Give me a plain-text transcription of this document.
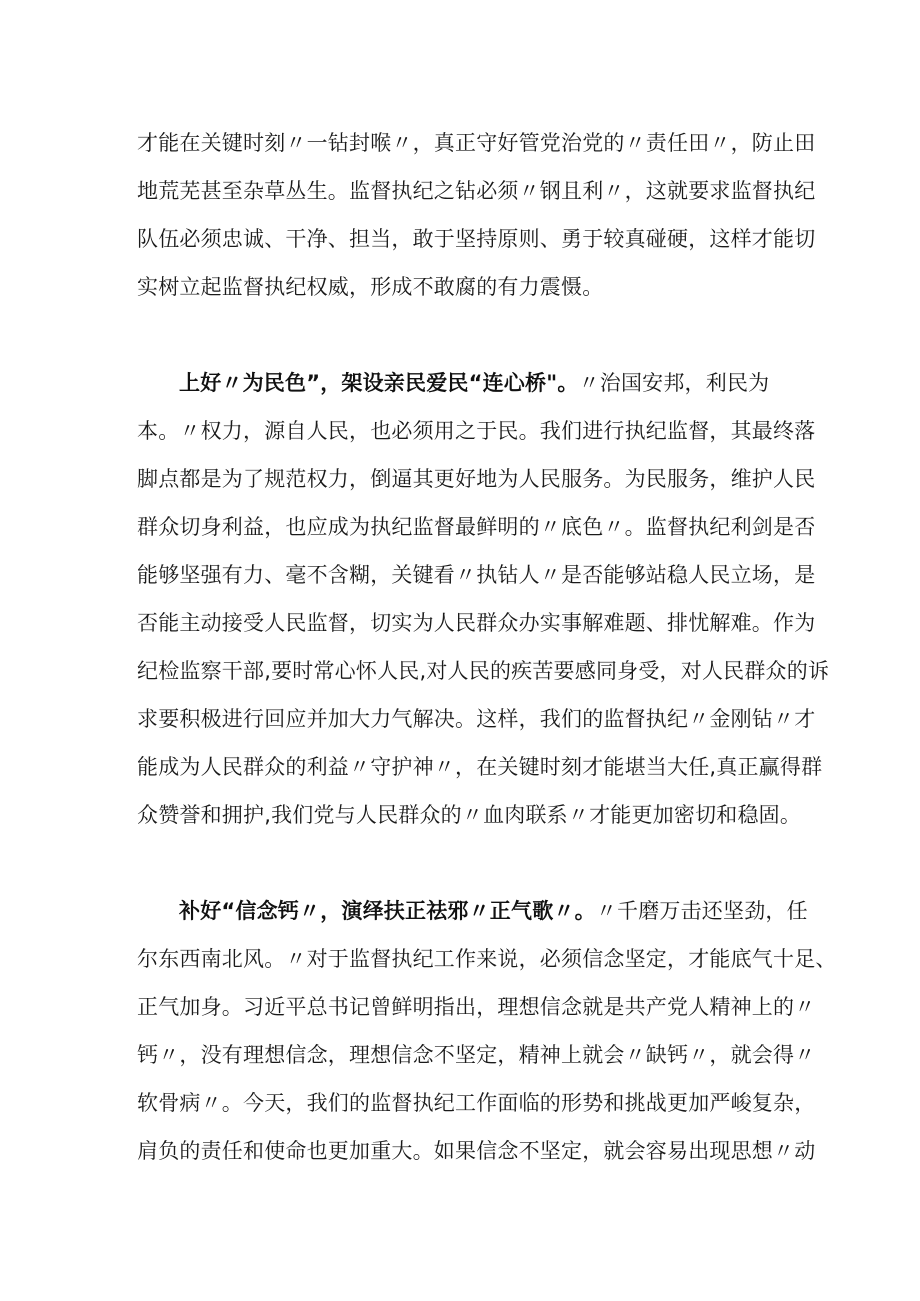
才能在关键时刻〃一钻封喉〃，真正守好管党治党的〃责任田〃，防止田
地荒芜甚至杂草丛生。监督执纪之钻必须〃钢且利〃，这就要求监督执纪
队伍必须忠诚、干净、担当，敢于坚持原则、勇于较真碰硬，这样才能切
实树立起监督执纪权威，形成不敢腐的有力震慑。
上好〃为民色”，架设亲民爱民“连心桥"。〃治国安邦，利民为
本。〃权力，源自人民，也必须用之于民。我们进行执纪监督，其最终落
脚点都是为了规范权力，倒逼其更好地为人民服务。为民服务，维护人民
群众切身利益，也应成为执纪监督最鲜明的〃底色〃。监督执纪利剑是否
能够坚强有力、毫不含糊，关键看〃执钻人〃是否能够站稳人民立场，是
否能主动接受人民监督，切实为人民群众办实事解难题、排忧解难。作为
纪检监察干部,要时常心怀人民,对人民的疾苦要感同身受，对人民群众的诉
求要积极进行回应并加大力气解决。这样，我们的监督执纪〃金刚钻〃才
能成为人民群众的利益〃守护神〃，在关键时刻才能堪当大任,真正赢得群
众赞誉和拥护,我们党与人民群众的〃血肉联系〃才能更加密切和稳固。
补好“信念钙〃，演绎扶正祛邪〃正气歌〃。〃千磨万击还坚劲，任
尔东西南北风。〃对于监督执纪工作来说，必须信念坚定，才能底气十足、
正气加身。习近平总书记曾鲜明指出，理想信念就是共产党人精神上的〃
钙〃，没有理想信念，理想信念不坚定，精神上就会〃缺钙〃，就会得〃
软骨病〃。今天，我们的监督执纪工作面临的形势和挑战更加严峻复杂，
肩负的责任和使命也更加重大。如果信念不坚定，就会容易出现思想〃动
